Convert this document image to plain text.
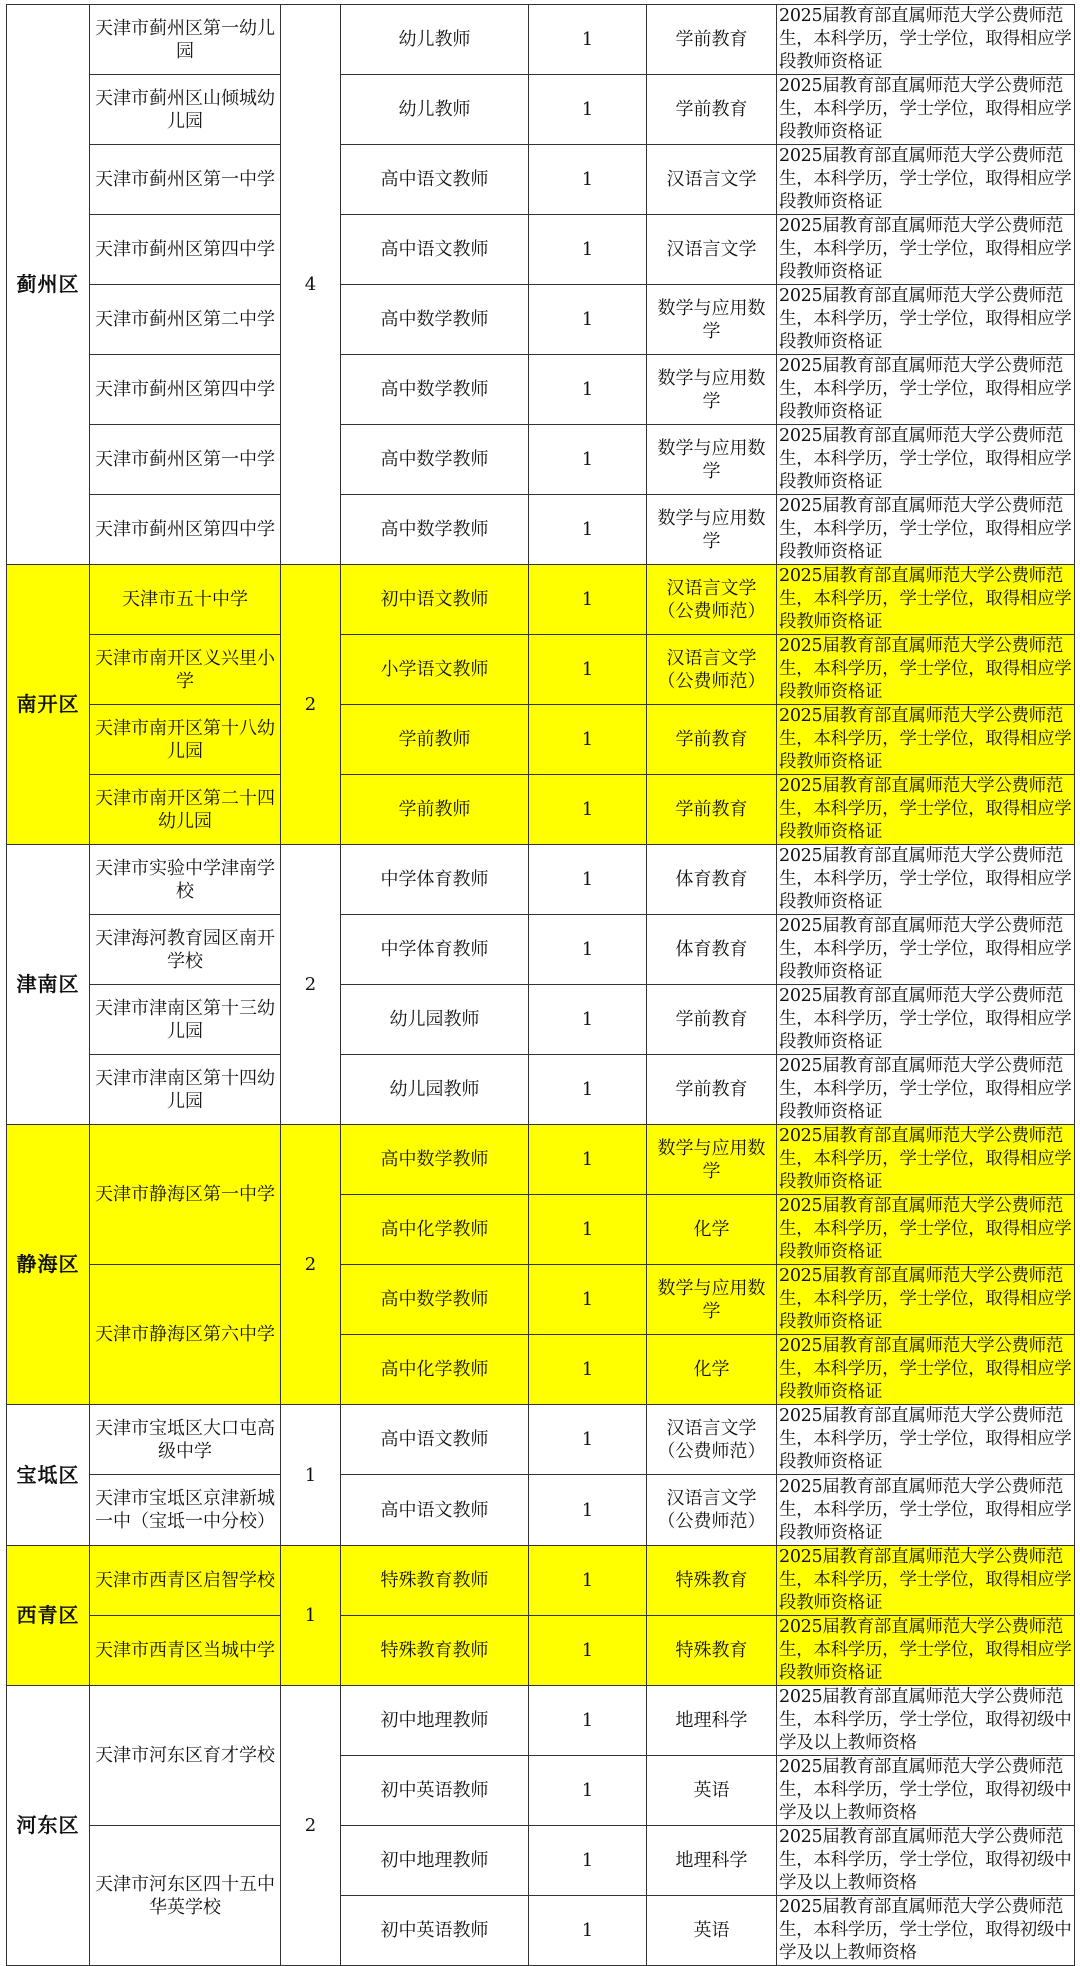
蓟州区	天津市蓟州区第一幼儿园	4	幼儿教师	1	学前教育	2025届教育部直属师范大学公费师范生，本科学历，学士学位，取得相应学段教师资格证
	天津市蓟州区山倾城幼儿园		幼儿教师	1	学前教育	2025届教育部直属师范大学公费师范生，本科学历，学士学位，取得相应学段教师资格证
	天津市蓟州区第一中学		高中语文教师	1	汉语言文学	2025届教育部直属师范大学公费师范生，本科学历，学士学位，取得相应学段教师资格证
	天津市蓟州区第四中学		高中语文教师	1	汉语言文学	2025届教育部直属师范大学公费师范生，本科学历，学士学位，取得相应学段教师资格证
	天津市蓟州区第二中学		高中数学教师	1	数学与应用数学	2025届教育部直属师范大学公费师范生，本科学历，学士学位，取得相应学段教师资格证
	天津市蓟州区第四中学		高中数学教师	1	数学与应用数学	2025届教育部直属师范大学公费师范生，本科学历，学士学位，取得相应学段教师资格证
	天津市蓟州区第一中学		高中数学教师	1	数学与应用数学	2025届教育部直属师范大学公费师范生，本科学历，学士学位，取得相应学段教师资格证
	天津市蓟州区第四中学		高中数学教师	1	数学与应用数学	2025届教育部直属师范大学公费师范生，本科学历，学士学位，取得相应学段教师资格证
南开区	天津市五十中学	2	初中语文教师	1	汉语言文学（公费师范）	2025届教育部直属师范大学公费师范生，本科学历，学士学位，取得相应学段教师资格证
	天津市南开区义兴里小学		小学语文教师	1	汉语言文学（公费师范）	2025届教育部直属师范大学公费师范生，本科学历，学士学位，取得相应学段教师资格证
	天津市南开区第十八幼儿园		学前教师	1	学前教育	2025届教育部直属师范大学公费师范生，本科学历，学士学位，取得相应学段教师资格证
	天津市南开区第二十四幼儿园		学前教师	1	学前教育	2025届教育部直属师范大学公费师范生，本科学历，学士学位，取得相应学段教师资格证
津南区	天津市实验中学津南学校	2	中学体育教师	1	体育教育	2025届教育部直属师范大学公费师范生，本科学历，学士学位，取得相应学段教师资格证
	天津海河教育园区南开学校		中学体育教师	1	体育教育	2025届教育部直属师范大学公费师范生，本科学历，学士学位，取得相应学段教师资格证
	天津市津南区第十三幼儿园		幼儿园教师	1	学前教育	2025届教育部直属师范大学公费师范生，本科学历，学士学位，取得相应学段教师资格证
	天津市津南区第十四幼儿园		幼儿园教师	1	学前教育	2025届教育部直属师范大学公费师范生，本科学历，学士学位，取得相应学段教师资格证
静海区	天津市静海区第一中学	2	高中数学教师	1	数学与应用数学	2025届教育部直属师范大学公费师范生，本科学历，学士学位，取得相应学段教师资格证
			高中化学教师	1	化学	2025届教育部直属师范大学公费师范生，本科学历，学士学位，取得相应学段教师资格证
	天津市静海区第六中学		高中数学教师	1	数学与应用数学	2025届教育部直属师范大学公费师范生，本科学历，学士学位，取得相应学段教师资格证
			高中化学教师	1	化学	2025届教育部直属师范大学公费师范生，本科学历，学士学位，取得相应学段教师资格证
宝坻区	天津市宝坻区大口屯高级中学	1	高中语文教师	1	汉语言文学（公费师范）	2025届教育部直属师范大学公费师范生，本科学历，学士学位，取得相应学段教师资格证
	天津市宝坻区京津新城一中（宝坻一中分校）		高中语文教师	1	汉语言文学（公费师范）	2025届教育部直属师范大学公费师范生，本科学历，学士学位，取得相应学段教师资格证
西青区	天津市西青区启智学校	1	特殊教育教师	1	特殊教育	2025届教育部直属师范大学公费师范生，本科学历，学士学位，取得相应学段教师资格证
	天津市西青区当城中学		特殊教育教师	1	特殊教育	2025届教育部直属师范大学公费师范生，本科学历，学士学位，取得相应学段教师资格证
河东区	天津市河东区育才学校	2	初中地理教师	1	地理科学	2025届教育部直属师范大学公费师范生，本科学历，学士学位，取得初级中学及以上教师资格
			初中英语教师	1	英语	2025届教育部直属师范大学公费师范生，本科学历，学士学位，取得初级中学及以上教师资格
	天津市河东区四十五中华英学校		初中地理教师	1	地理科学	2025届教育部直属师范大学公费师范生，本科学历，学士学位，取得初级中学及以上教师资格
			初中英语教师	1	英语	2025届教育部直属师范大学公费师范生，本科学历，学士学位，取得初级中学及以上教师资格
